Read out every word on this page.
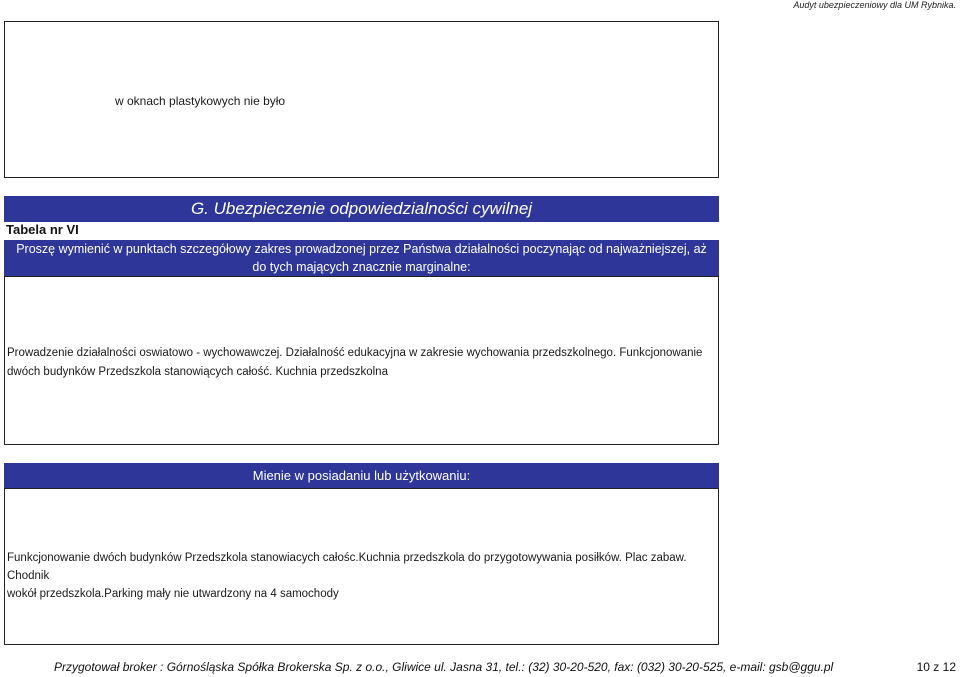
Audyt ubezpieczeniowy dla UM Rybnika.
w oknach plastykowych nie było
G. Ubezpieczenie odpowiedzialności cywilnej
Tabela nr VI
Proszę wymienić w punktach szczegółowy zakres prowadzonej przez Państwa działalności poczynając od najważniejszej, aż
do tych mających znacznie marginalne:
Prowadzenie działalności oswiatowo - wychowawczej. Działalność edukacyjna w zakresie wychowania przedszkolnego. Funkcjonowanie
dwóch budynków Przedszkola stanowiących całość. Kuchnia przedszkolna
Mienie w posiadaniu lub użytkowaniu:
Funkcjonowanie dwóch budynków Przedszkola stanowiacych całośc.Kuchnia przedszkola do przygotowywania posiłków. Plac zabaw. Chodnik
wokół przedszkola.Parking mały nie utwardzony na 4 samochody
Przygotował broker : Górnośląska Spółka Brokerska Sp. z o.o., Gliwice ul. Jasna 31, tel.: (32) 30-20-520, fax: (032) 30-20-525, e-mail: gsb@ggu.pl	10 z 12
